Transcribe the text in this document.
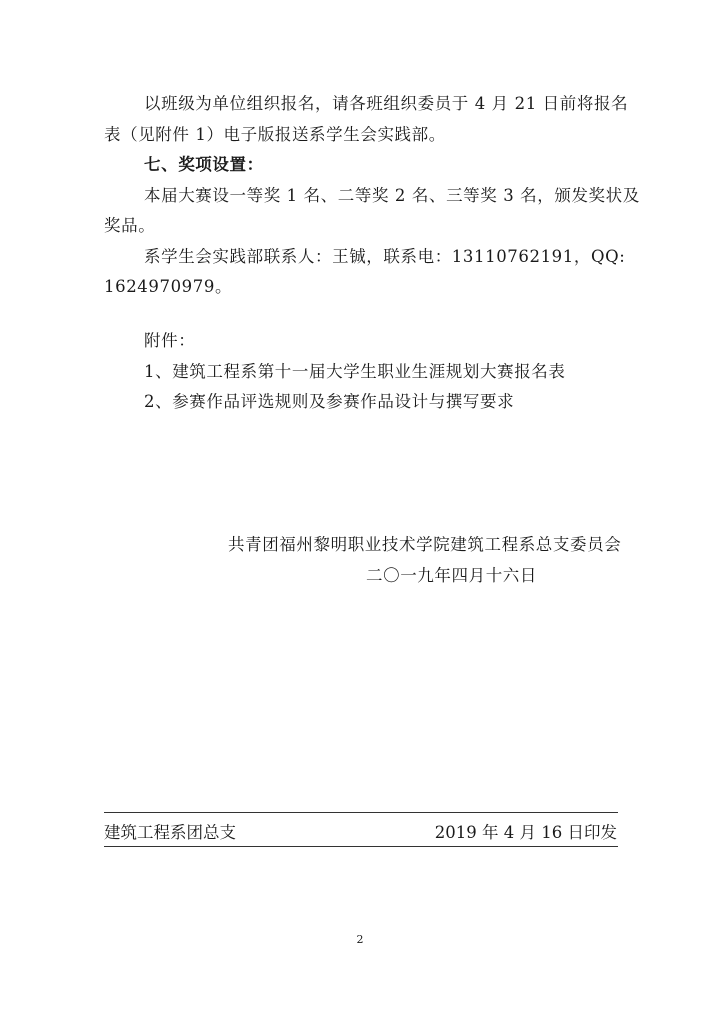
以班级为单位组织报名，请各班组织委员于 4 月 21 日前将报名
表（见附件 1）电子版报送系学生会实践部。
七、奖项设置：
本届大赛设一等奖 1 名、二等奖 2 名、三等奖 3 名，颁发奖状及
奖品。
系学生会实践部联系人：王铖，联系电：13110762191，QQ:
1624970979。
附件：
1、建筑工程系第十一届大学生职业生涯规划大赛报名表
2、参赛作品评选规则及参赛作品设计与撰写要求
共青团福州黎明职业技术学院建筑工程系总支委员会
二〇一九年四月十六日
建筑工程系团总支	2019 年 4 月 16 日印发
2
